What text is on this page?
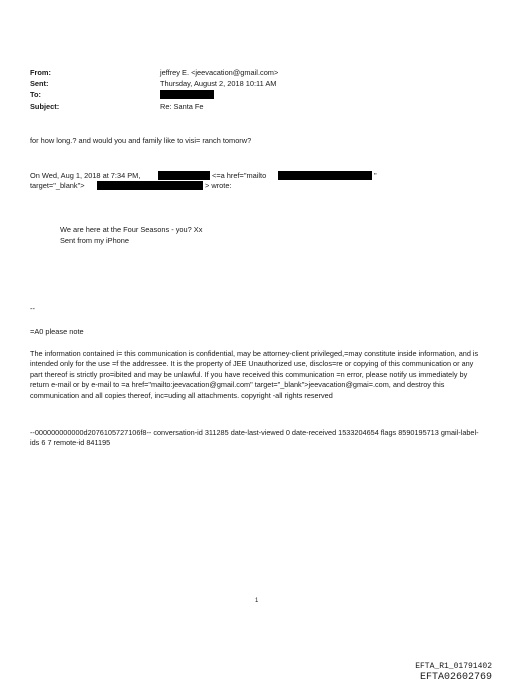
From:	jeffrey E. <jeevacation@gmail.com>
Sent:	Thursday, August 2, 2018 10:11 AM
To:
Subject:	Re: Santa Fe
for how long.? and would you and family like to visi= ranch tomorw?
On Wed, Aug 1, 2018 at 7:34 PM,	<=a href="mailto	"
target="_blank">	> wrote:
We are here at the Four Seasons - you? Xx
Sent from my iPhone
--
=A0 please note
The information contained i= this communication is confidential, may be attorney-client privileged,=may constitute inside information, and is intended only for the use =f the addressee. It is the property of JEE Unauthorized use, disclos=re or copying of this communication or any part thereof is strictly pro=ibited and may be unlawful. If you have received this communication =n error, please notify us immediately by return e-mail or by e-mail to =a href="mailto:jeevacation@gmail.com" target="_blank">jeevacation@gmai=.com, and destroy this communication and all copies thereof, inc=uding all attachments. copyright -all rights reserved
--000000000000d2076105727106f8-- conversation-id 311285 date-last-viewed 0 date-received 1533204654 flags 8590195713 gmail-label-ids 6 7 remote-id 841195
1
EFTA_R1_01791402
EFTA02602769
